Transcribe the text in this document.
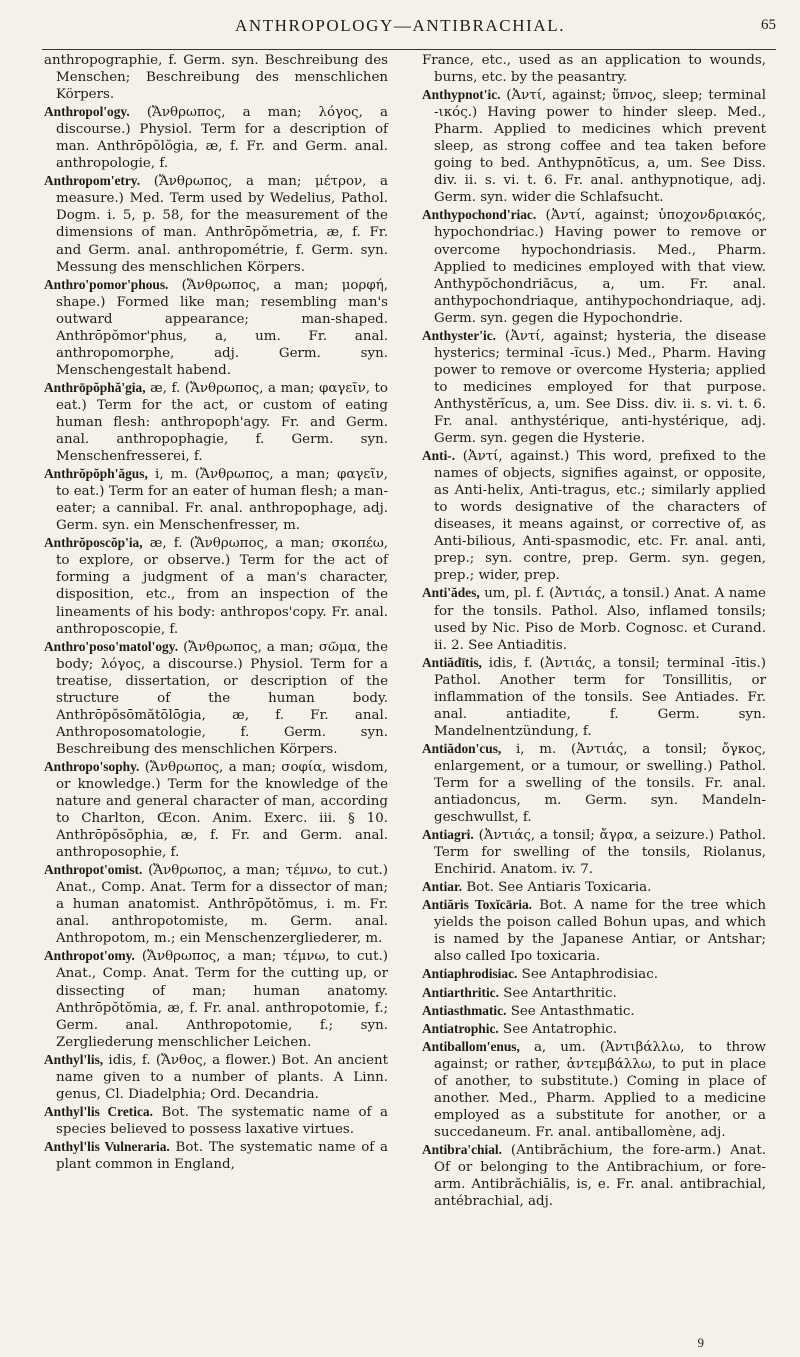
ANTHROPOLOGY—ANTIBRACHIAL.	65

anthropographie, f. Germ. syn. Beschreibung des Menschen; Beschreibung des menschlichen Körpers.

Anthropol'ogy. (Ἄνθρωπος, a man; λόγος, a discourse.) Physiol. Term for a description of man. Anthrōpŏlŏgia, æ, f. Fr. and Germ. anal. anthropologie, f.

Anthropom'etry. (Ἄνθρωπος, a man; μέτρον, a measure.) Med. Term used by Wedelius, Pathol. Dogm. i. 5, p. 58, for the measurement of the dimensions of man. Anthrōpŏmetria, æ, f. Fr. and Germ. anal. anthropométrie, f. Germ. syn. Messung des menschlichen Körpers.

Anthro'pomor'phous. (Ἄνθρωπος, a man; μορφή, shape.) Formed like man; resembling man's outward appearance; man-shaped. Anthrōpŏmor'phus, a, um. Fr. anal. anthropomorphe, adj. Germ. syn. Menschengestalt habend.

Anthrōpŏphă'gia, æ, f. (Ἄνθρωπος, a man; φαγεῖν, to eat.) Term for the act, or custom of eating human flesh: anthropoph'agy. Fr. and Germ. anal. anthropophagie, f. Germ. syn. Menschenfresserei, f.

Anthrŏpŏph'ăgus, i, m. (Ἄνθρωπος, a man; φαγεῖν, to eat.) Term for an eater of human flesh; a man-eater; a cannibal. Fr. anal. anthropophage, adj. Germ. syn. ein Menschenfresser, m.

Anthrŏposcŏp'ia, æ, f. (Ἄνθρωπος, a man; σκοπέω, to explore, or observe.) Term for the act of forming a judgment of a man's character, disposition, etc., from an inspection of the lineaments of his body: anthropos'copy. Fr. anal. anthroposcopie, f.

Anthro'poso'matol'ogy. (Ἄνθρωπος, a man; σῶμα, the body; λόγος, a discourse.) Physiol. Term for a treatise, dissertation, or description of the structure of the human body. Anthrōpŏsōmătōlōgia, æ, f. Fr. anal. Anthroposomatologie, f. Germ. syn. Beschreibung des menschlichen Körpers.

Anthropo'sophy. (Ἄνθρωπος, a man; σοφία, wisdom, or knowledge.) Term for the knowledge of the nature and general character of man, according to Charlton, Œcon. Anim. Exerc. iii. § 10. Anthrōpŏsŏphia, æ, f. Fr. and Germ. anal. anthroposophie, f.

Anthropot'omist. (Ἄνθρωπος, a man; τέμνω, to cut.) Anat., Comp. Anat. Term for a dissector of man; a human anatomist. Anthrōpŏtŏmus, i. m. Fr. anal. anthropotomiste, m. Germ. anal. Anthropotom, m.; ein Menschenzergliederer, m.

Anthropot'omy. (Ἄνθρωπος, a man; τέμνω, to cut.) Anat., Comp. Anat. Term for the cutting up, or dissecting of man; human anatomy. Anthrōpŏtŏmia, æ, f. Fr. anal. anthropotomie, f.; Germ. anal. Anthropotomie, f.; syn. Zergliederung menschlicher Leichen.

Anthyl'lis, idis, f. (Ἄνθος, a flower.) Bot. An ancient name given to a number of plants. A Linn. genus, Cl. Diadelphia; Ord. Decandria.

Anthyl'lis Cretica. Bot. The systematic name of a species believed to possess laxative virtues.

Anthyl'lis Vulneraria. Bot. The systematic name of a plant common in England,

France, etc., used as an application to wounds, burns, etc. by the peasantry.

Anthypnot'ic. (Ἀντί, against; ὕπνος, sleep; terminal -ικός.) Having power to hinder sleep. Med., Pharm. Applied to medicines which prevent sleep, as strong coffee and tea taken before going to bed. Anthypnōtĭcus, a, um. See Diss. div. ii. s. vi. t. 6. Fr. anal. anthypnotique, adj. Germ. syn. wider die Schlafsucht.

Anthypochond'riac. (Ἀντί, against; ὑποχονδριακός, hypochondriac.) Having power to remove or overcome hypochondriasis. Med., Pharm. Applied to medicines employed with that view. Anthypŏchondriăcus, a, um. Fr. anal. anthypochondriaque, antihypochondriaque, adj. Germ. syn. gegen die Hypochondrie.

Anthyster'ic. (Ἀντί, against; hysteria, the disease hysterics; terminal -ĭcus.) Med., Pharm. Having power to remove or overcome Hysteria; applied to medicines employed for that purpose. Anthystĕrĭcus, a, um. See Diss. div. ii. s. vi. t. 6. Fr. anal. anthystérique, anti-hystérique, adj. Germ. syn. gegen die Hysterie.

Anti-. (Ἀντί, against.) This word, prefixed to the names of objects, signifies against, or opposite, as Anti-helix, Anti-tragus, etc.; similarly applied to words designative of the characters of diseases, it means against, or corrective of, as Anti-bilious, Anti-spasmodic, etc. Fr. anal. anti, prep.; syn. contre, prep. Germ. syn. gegen, prep.; wider, prep.

Anti'ădes, um, pl. f. (Ἀντιάς, a tonsil.) Anat. A name for the tonsils. Pathol. Also, inflamed tonsils; used by Nic. Piso de Morb. Cognosc. et Curand. ii. 2. See Antiaditis.

Antiădītis, idis, f. (Ἀντιάς, a tonsil; terminal -ītis.) Pathol. Another term for Tonsillitis, or inflammation of the tonsils. See Antiades. Fr. anal. antiadite, f. Germ. syn. Mandelnentzündung, f.

Antiădon'cus, i, m. (Ἀντιάς, a tonsil; ὄγκος, enlargement, or a tumour, or swelling.) Pathol. Term for a swelling of the tonsils. Fr. anal. antiadoncus, m. Germ. syn. Mandeln-geschwullst, f.

Antiagri. (Ἀντιάς, a tonsil; ἄγρα, a seizure.) Pathol. Term for swelling of the tonsils, Riolanus, Enchirid. Anatom. iv. 7.

Antiar. Bot. See Antiaris Toxicaria.

Antiăris Toxĭcāria. Bot. A name for the tree which yields the poison called Bohun upas, and which is named by the Japanese Antiar, or Antshar; also called Ipo toxicaria.

Antiaphrodisiac. See Antaphrodisiac.

Antiarthritic. See Antarthritic.

Antiasthmatic. See Antasthmatic.

Antiatrophic. See Antatrophic.

Antiballom'enus, a, um. (Ἀντιβάλλω, to throw against; or rather, ἀντεμβάλλω, to put in place of another, to substitute.) Coming in place of another. Med., Pharm. Applied to a medicine employed as a substitute for another, or a succedaneum. Fr. anal. antiballomène, adj.

Antibra'chial. (Antibrăchium, the fore-arm.) Anat. Of or belonging to the Antibrachium, or fore-arm. Antibrăchiālis, is, e. Fr. anal. antibrachial, antébrachial, adj.

9
